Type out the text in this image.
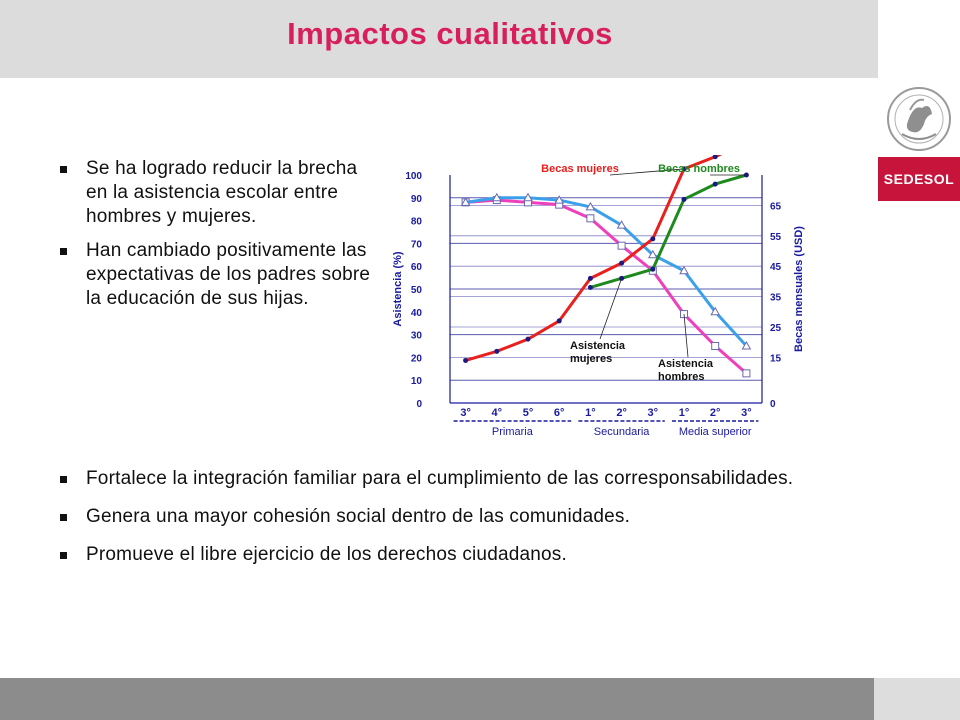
Impactos cualitativos
SEDESOL
Se ha logrado reducir la brecha en la asistencia escolar entre hombres y mujeres.
Han cambiado positivamente las expectativas de los padres sobre la educación de sus hijas.
0
10
20
30
40
50
60
70
80
90
100
0
15
25
35
45
55
65
3° 4° 5° 6° 1° 2° 3° 1° 2° 3°
Primaria	Secundaria	Media superior
Asistencia (%)	Becas mensuales (USD)
Becas mujeres	Becas hombres
Asistencia mujeres	Asistencia hombres
Fortalece la integración familiar para el cumplimiento de las corresponsabilidades.
Genera una mayor cohesión social dentro de las comunidades.
Promueve el libre ejercicio de los derechos ciudadanos.
